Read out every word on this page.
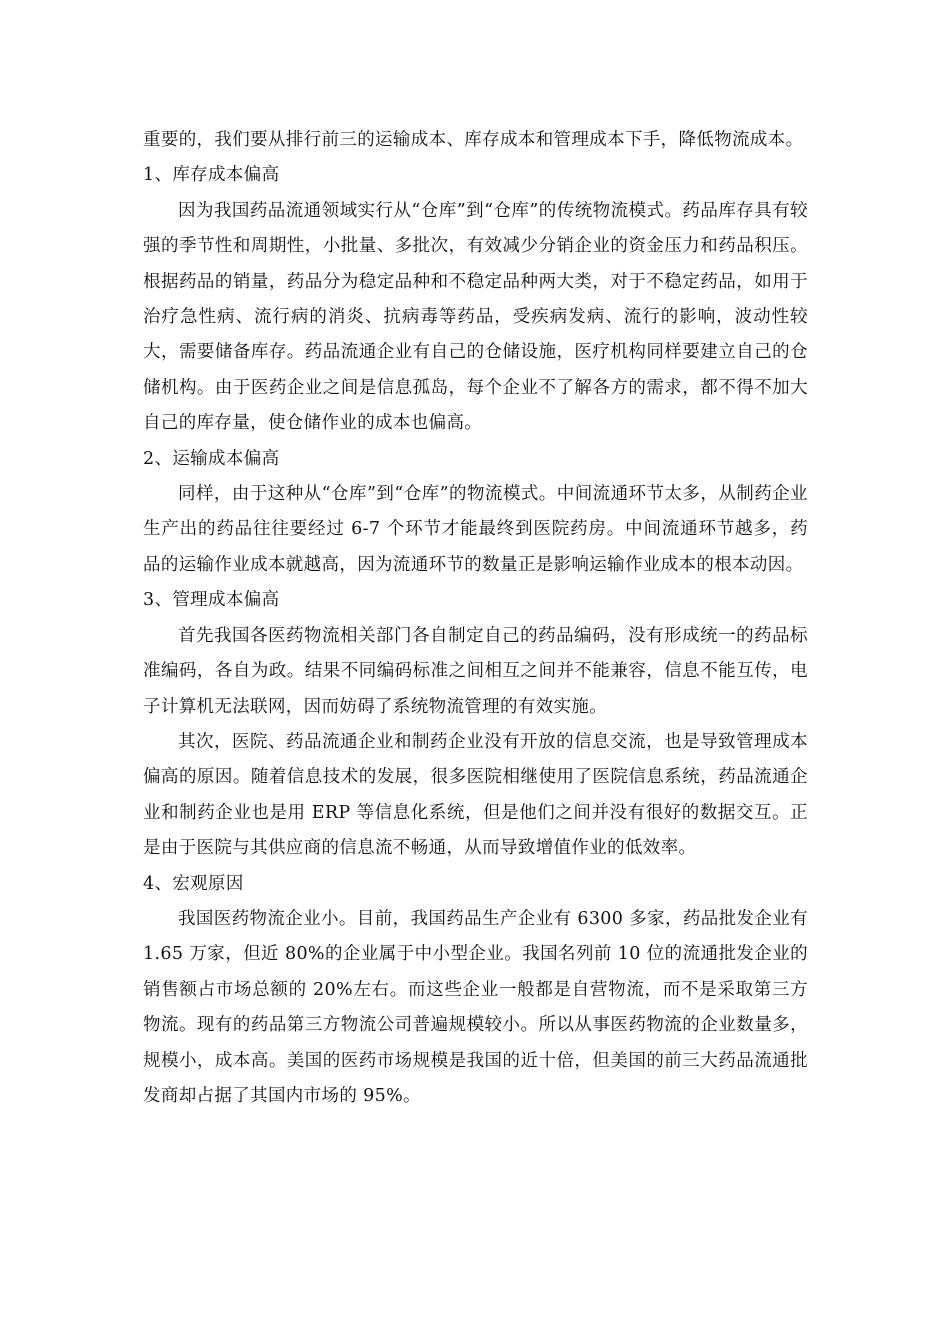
重要的，我们要从排行前三的运输成本、库存成本和管理成本下手，降低物流成本。

1、库存成本偏高

因为我国药品流通领域实行从“仓库”到“仓库”的传统物流模式。药品库存具有较强的季节性和周期性，小批量、多批次，有效减少分销企业的资金压力和药品积压。根据药品的销量，药品分为稳定品种和不稳定品种两大类，对于不稳定药品，如用于治疗急性病、流行病的消炎、抗病毒等药品，受疾病发病、流行的影响，波动性较大，需要储备库存。药品流通企业有自己的仓储设施，医疗机构同样要建立自己的仓储机构。由于医药企业之间是信息孤岛，每个企业不了解各方的需求，都不得不加大自己的库存量，使仓储作业的成本也偏高。

2、运输成本偏高

同样，由于这种从“仓库”到“仓库”的物流模式。中间流通环节太多，从制药企业生产出的药品往往要经过 6-7 个环节才能最终到医院药房。中间流通环节越多，药品的运输作业成本就越高，因为流通环节的数量正是影响运输作业成本的根本动因。

3、管理成本偏高

首先我国各医药物流相关部门各自制定自己的药品编码，没有形成统一的药品标准编码，各自为政。结果不同编码标准之间相互之间并不能兼容，信息不能互传，电子计算机无法联网，因而妨碍了系统物流管理的有效实施。

其次，医院、药品流通企业和制药企业没有开放的信息交流，也是导致管理成本偏高的原因。随着信息技术的发展，很多医院相继使用了医院信息系统，药品流通企业和制药企业也是用 ERP 等信息化系统，但是他们之间并没有很好的数据交互。正是由于医院与其供应商的信息流不畅通，从而导致增值作业的低效率。

4、宏观原因

我国医药物流企业小。目前，我国药品生产企业有 6300 多家，药品批发企业有 1.65 万家，但近 80%的企业属于中小型企业。我国名列前 10 位的流通批发企业的销售额占市场总额的 20%左右。而这些企业一般都是自营物流，而不是采取第三方物流。现有的药品第三方物流公司普遍规模较小。所以从事医药物流的企业数量多，规模小，成本高。美国的医药市场规模是我国的近十倍，但美国的前三大药品流通批发商却占据了其国内市场的 95%。
